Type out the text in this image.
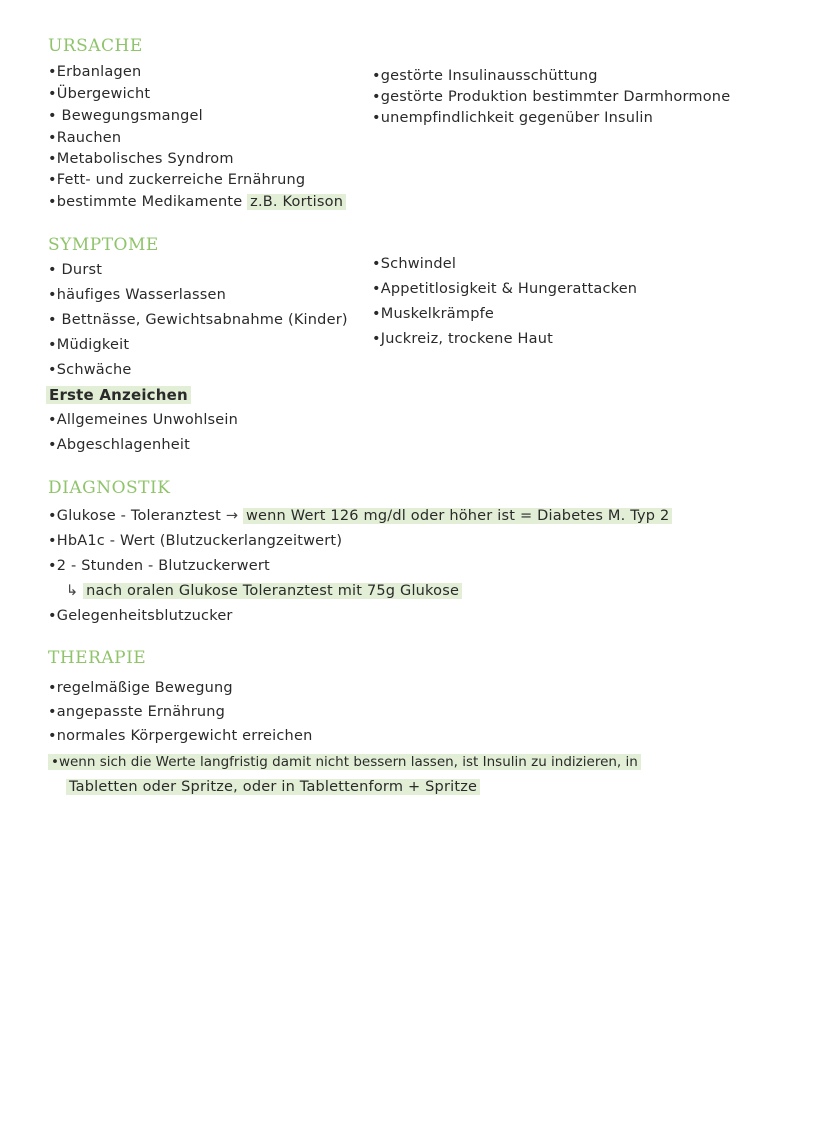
URSACHE
•Erbanlagen
•Übergewicht
• Bewegungsmangel
•Rauchen
•Metabolisches Syndrom
•Fett- und zuckerreiche Ernährung
•bestimmte Medikamente z.B. Kortison
•gestörte Insulinausschüttung
•gestörte Produktion bestimmter Darmhormone
•unempfindlichkeit gegenüber Insulin
SYMPTOME
• Durst
•häufiges Wasserlassen
• Bettnässe, Gewichtsabnahme (Kinder)
•Müdigkeit
•Schwäche
•Schwindel
•Appetitlosigkeit & Hungerattacken
•Muskelkrämpfe
•Juckreiz, trockene Haut
Erste Anzeichen
•Allgemeines Unwohlsein
•Abgeschlagenheit
DIAGNOSTIK
•Glukose - Toleranztest → wenn Wert 126 mg/dl oder höher ist = Diabetes M. Typ 2
•HbA1c - Wert (Blutzuckerlangzeitwert)
•2 - Stunden - Blutzuckerwert
↳ nach oralen Glukose Toleranztest mit 75g Glukose
•Gelegenheitsblutzucker
THERAPIE
•regelmäßige Bewegung
•angepasste Ernährung
•normales Körpergewicht erreichen
•wenn sich die Werte langfristig damit nicht bessern lassen, ist Insulin zu indizieren, in
Tabletten oder Spritze, oder in Tablettenform + Spritze
